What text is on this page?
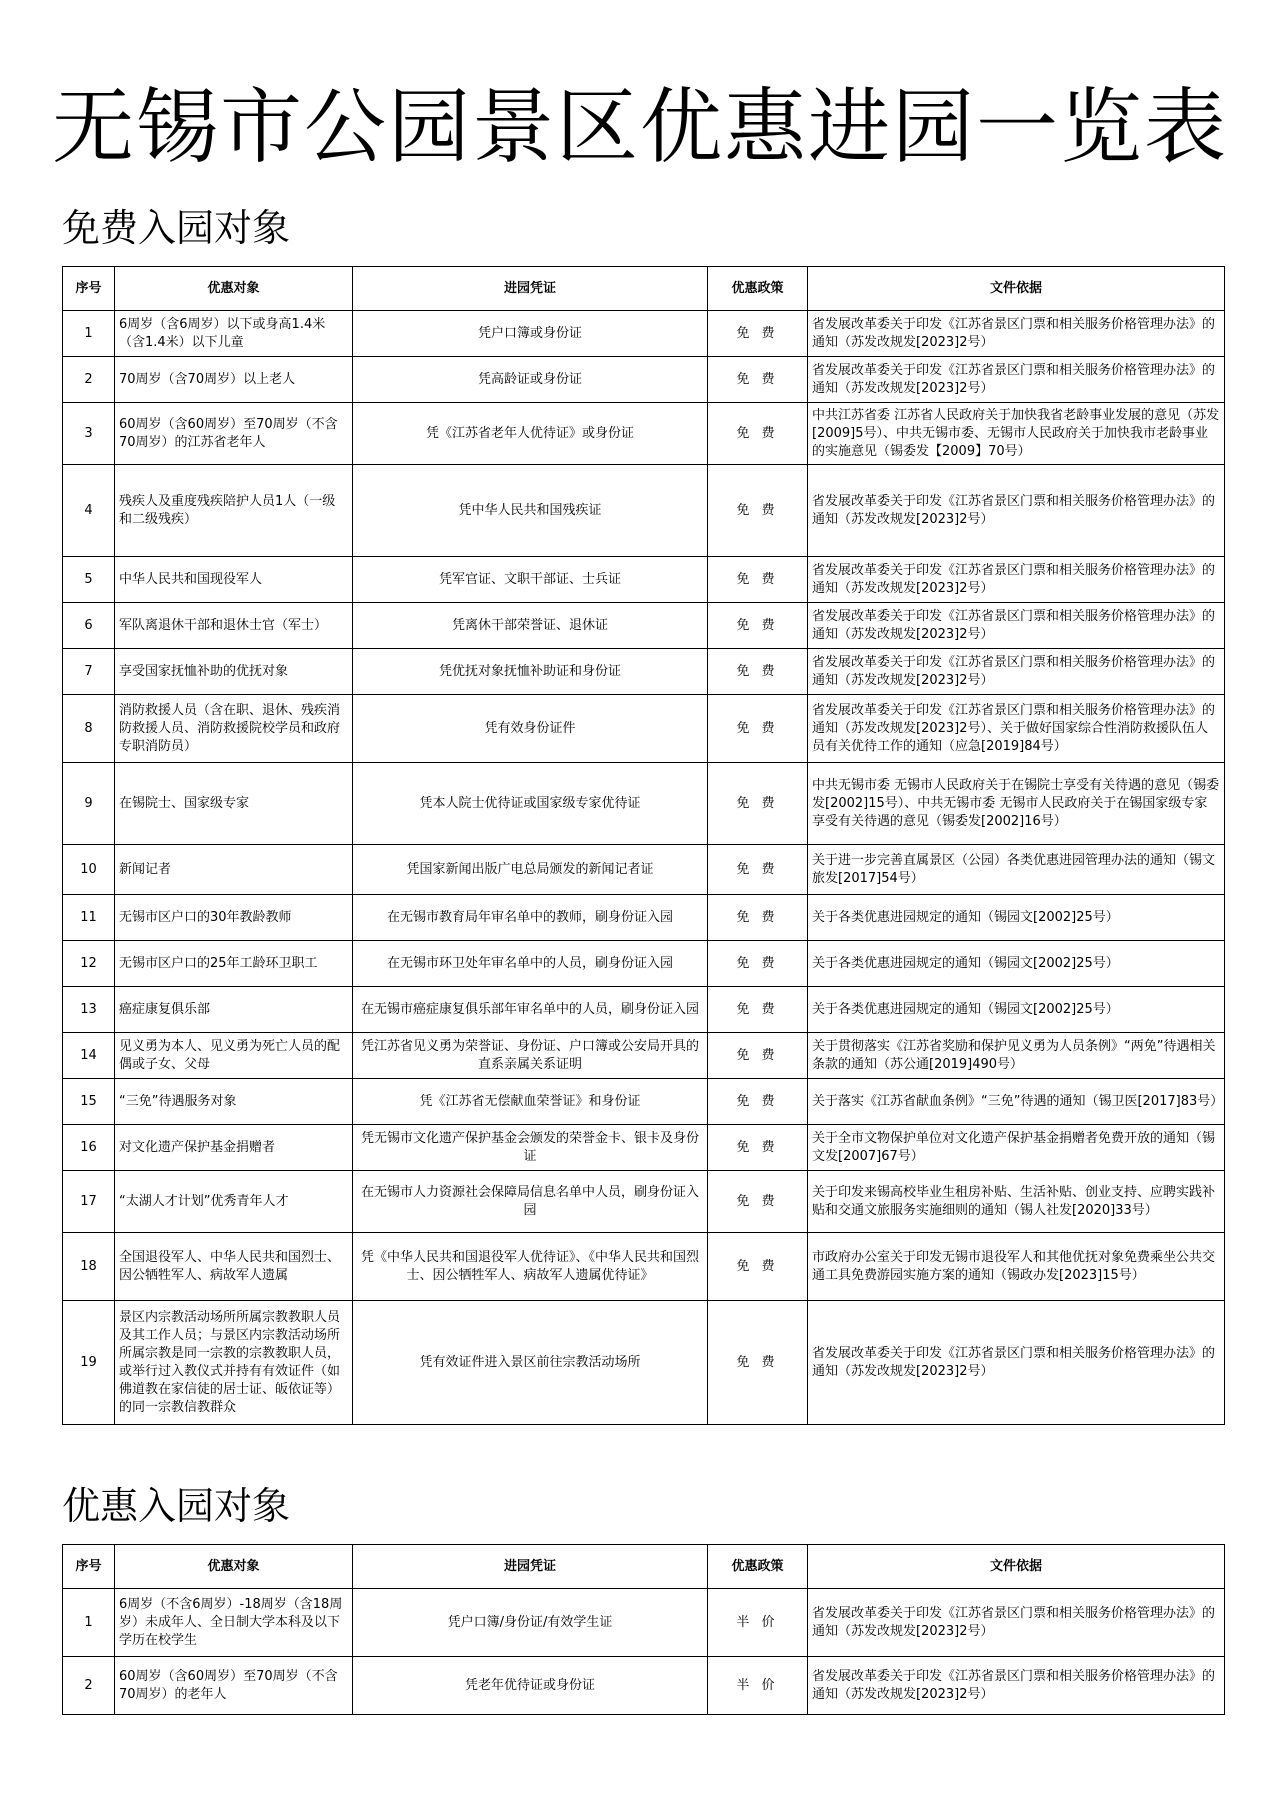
无锡市公园景区优惠进园一览表
免费入园对象
序号	优惠对象	进园凭证	优惠政策	文件依据
1	6周岁（含6周岁）以下或身高1.4米（含1.4米）以下儿童	凭户口簿或身份证	免 费	省发展改革委关于印发《江苏省景区门票和相关服务价格管理办法》的通知（苏发改规发[2023]2号）
2	70周岁（含70周岁）以上老人	凭高龄证或身份证	免 费	省发展改革委关于印发《江苏省景区门票和相关服务价格管理办法》的通知（苏发改规发[2023]2号）
3	60周岁（含60周岁）至70周岁（不含70周岁）的江苏省老年人	凭《江苏省老年人优待证》或身份证	免 费	中共江苏省委 江苏省人民政府关于加快我省老龄事业发展的意见（苏发[2009]5号）、中共无锡市委、无锡市人民政府关于加快我市老龄事业的实施意见（锡委发【2009】70号）
4	残疾人及重度残疾陪护人员1人（一级和二级残疾）	凭中华人民共和国残疾证	免 费	省发展改革委关于印发《江苏省景区门票和相关服务价格管理办法》的通知（苏发改规发[2023]2号）
5	中华人民共和国现役军人	凭军官证、文职干部证、士兵证	免 费	省发展改革委关于印发《江苏省景区门票和相关服务价格管理办法》的通知（苏发改规发[2023]2号）
6	军队离退休干部和退休士官（军士）	凭离休干部荣誉证、退休证	免 费	省发展改革委关于印发《江苏省景区门票和相关服务价格管理办法》的通知（苏发改规发[2023]2号）
7	享受国家抚恤补助的优抚对象	凭优抚对象抚恤补助证和身份证	免 费	省发展改革委关于印发《江苏省景区门票和相关服务价格管理办法》的通知（苏发改规发[2023]2号）
8	消防救援人员（含在职、退休、残疾消防救援人员、消防救援院校学员和政府专职消防员）	凭有效身份证件	免 费	省发展改革委关于印发《江苏省景区门票和相关服务价格管理办法》的通知（苏发改规发[2023]2号）、关于做好国家综合性消防救援队伍人员有关优待工作的通知（应急[2019]84号）
9	在锡院士、国家级专家	凭本人院士优待证或国家级专家优待证	免 费	中共无锡市委 无锡市人民政府关于在锡院士享受有关待遇的意见（锡委发[2002]15号）、中共无锡市委 无锡市人民政府关于在锡国家级专家享受有关待遇的意见（锡委发[2002]16号）
10	新闻记者	凭国家新闻出版广电总局颁发的新闻记者证	免 费	关于进一步完善直属景区（公园）各类优惠进园管理办法的通知（锡文旅发[2017]54号）
11	无锡市区户口的30年教龄教师	在无锡市教育局年审名单中的教师，刷身份证入园	免 费	关于各类优惠进园规定的通知（锡园文[2002]25号）
12	无锡市区户口的25年工龄环卫职工	在无锡市环卫处年审名单中的人员，刷身份证入园	免 费	关于各类优惠进园规定的通知（锡园文[2002]25号）
13	癌症康复俱乐部	在无锡市癌症康复俱乐部年审名单中的人员，刷身份证入园	免 费	关于各类优惠进园规定的通知（锡园文[2002]25号）
14	见义勇为本人、见义勇为死亡人员的配偶或子女、父母	凭江苏省见义勇为荣誉证、身份证、户口簿或公安局开具的直系亲属关系证明	免 费	关于贯彻落实《江苏省奖励和保护见义勇为人员条例》“两免”待遇相关条款的通知（苏公通[2019]490号）
15	“三免”待遇服务对象	凭《江苏省无偿献血荣誉证》和身份证	免 费	关于落实《江苏省献血条例》“三免”待遇的通知（锡卫医[2017]83号）
16	对文化遗产保护基金捐赠者	凭无锡市文化遗产保护基金会颁发的荣誉金卡、银卡及身份证	免 费	关于全市文物保护单位对文化遗产保护基金捐赠者免费开放的通知（锡文发[2007]67号）
17	“太湖人才计划”优秀青年人才	在无锡市人力资源社会保障局信息名单中人员，刷身份证入园	免 费	关于印发来锡高校毕业生租房补贴、生活补贴、创业支持、应聘实践补贴和交通文旅服务实施细则的通知（锡人社发[2020]33号）
18	全国退役军人、中华人民共和国烈士、因公牺牲军人、病故军人遗属	凭《中华人民共和国退役军人优待证》、《中华人民共和国烈士、因公牺牲军人、病故军人遗属优待证》	免 费	市政府办公室关于印发无锡市退役军人和其他优抚对象免费乘坐公共交通工具免费游园实施方案的通知（锡政办发[2023]15号）
19	景区内宗教活动场所所属宗教教职人员及其工作人员；与景区内宗教活动场所所属宗教是同一宗教的宗教教职人员，或举行过入教仪式并持有有效证件（如佛道教在家信徒的居士证、皈依证等）的同一宗教信教群众	凭有效证件进入景区前往宗教活动场所	免 费	省发展改革委关于印发《江苏省景区门票和相关服务价格管理办法》的通知（苏发改规发[2023]2号）
优惠入园对象
序号	优惠对象	进园凭证	优惠政策	文件依据
1	6周岁（不含6周岁）-18周岁（含18周岁）未成年人、全日制大学本科及以下学历在校学生	凭户口簿/身份证/有效学生证	半 价	省发展改革委关于印发《江苏省景区门票和相关服务价格管理办法》的通知（苏发改规发[2023]2号）
2	60周岁（含60周岁）至70周岁（不含70周岁）的老年人	凭老年优待证或身份证	半 价	省发展改革委关于印发《江苏省景区门票和相关服务价格管理办法》的通知（苏发改规发[2023]2号）
